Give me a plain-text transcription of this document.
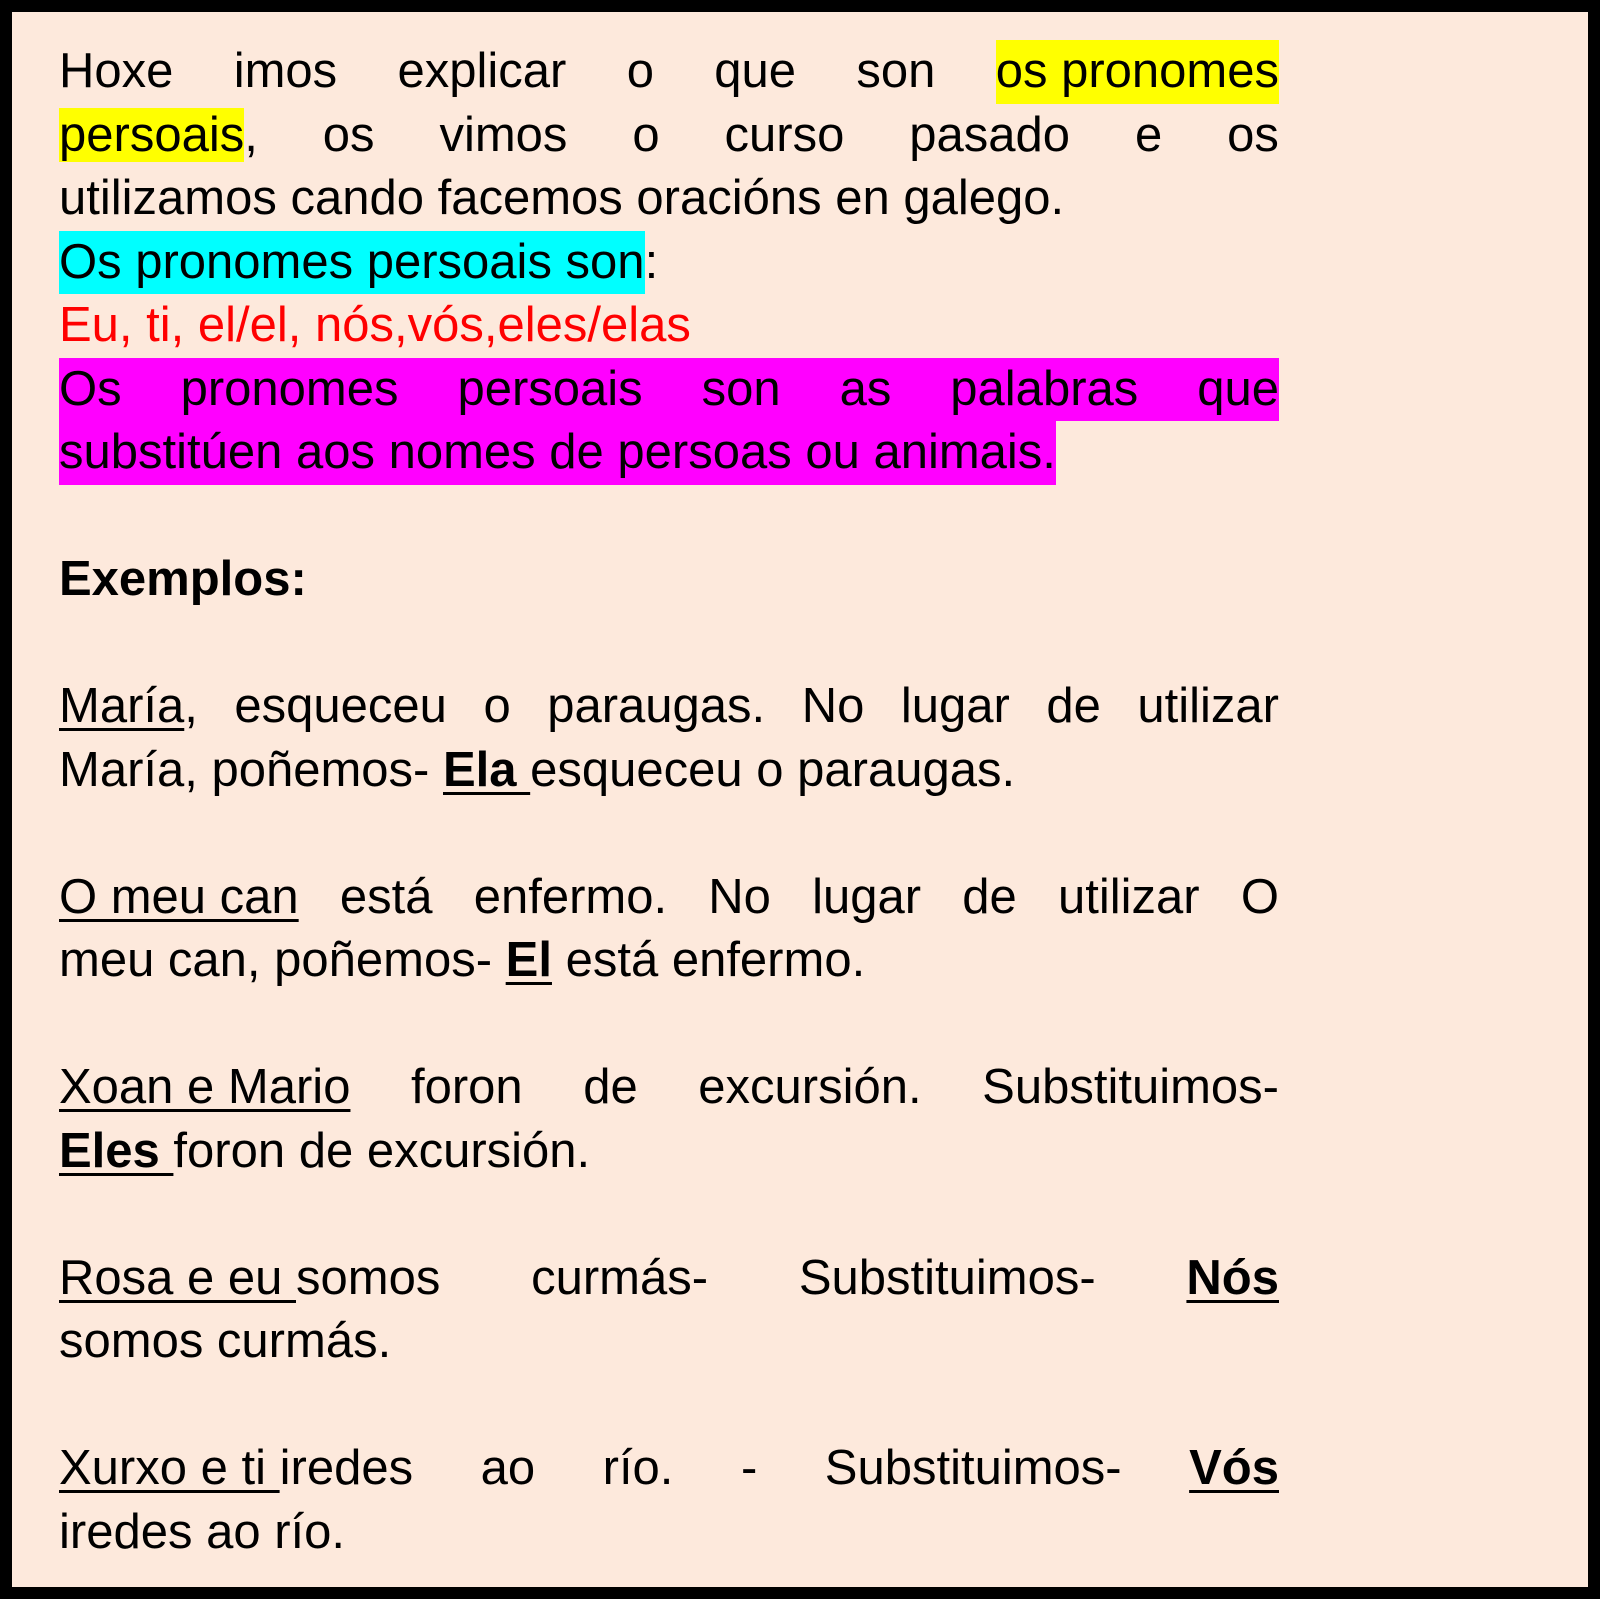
Hoxe imos explicar o que son os pronomes
persoais, os vimos o curso pasado e os
utilizamos cando facemos oracións en galego.
Os pronomes persoais son :
Eu, ti, el/el, nós,vós,eles/elas
Os pronomes persoais son as palabras que
substitúen aos nomes de persoas ou animais.
Exemplos:
María, esqueceu o paraugas. No lugar de utilizar
María, poñemos- Ela esqueceu o paraugas.
O meu can está enfermo. No lugar de utilizar O
meu can, poñemos- El está enfermo.
Xoan e Mario foron de excursión. Substituimos-
Eles foron de excursión.
Rosa e eu somos curmás- Substituimos- Nós
somos curmás.
Xurxo e ti iredes ao río. - Substituimos- Vós
iredes ao río.
